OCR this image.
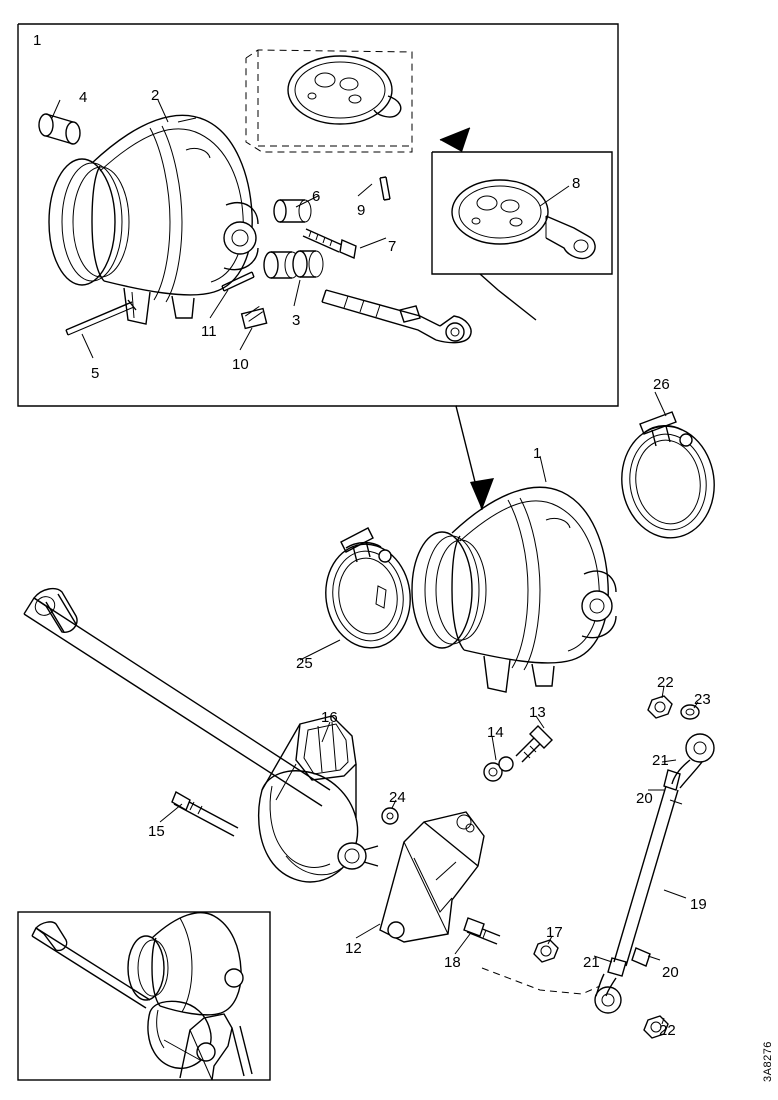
1
4	2
6
9
8
7
3
11
10
5
26
1
25
22
23
16	13
14
21
20
24
15
19
12
18
17
21
20
22
3A8276
